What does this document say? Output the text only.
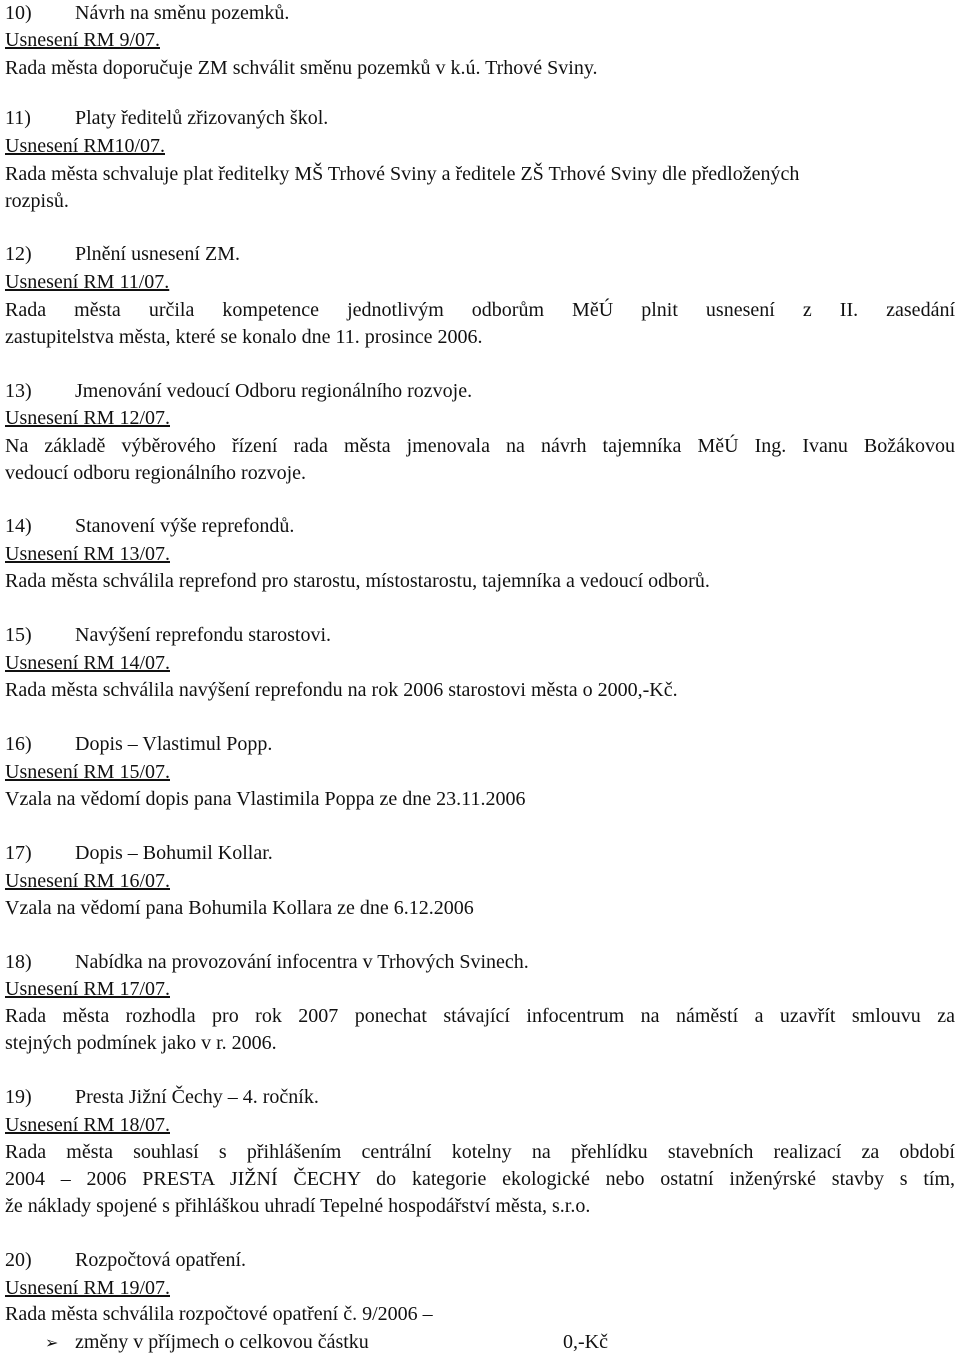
10) Návrh na směnu pozemků.
Usnesení RM 9/07.
Rada města doporučuje ZM schválit směnu pozemků v k.ú. Trhové Sviny.
11) Platy ředitelů zřizovaných škol.
Usnesení RM10/07.
Rada města schvaluje plat ředitelky MŠ Trhové Sviny a ředitele ZŠ Trhové Sviny dle předložených
rozpisů.
12) Plnění usnesení ZM.
Usnesení RM 11/07.
Rada města určila kompetence jednotlivým odborům MěÚ plnit usnesení z II. zasedání
zastupitelstva města, které se konalo dne 11. prosince 2006.
13) Jmenování vedoucí Odboru regionálního rozvoje.
Usnesení RM 12/07.
Na základě výběrového řízení rada města jmenovala na návrh tajemníka MěÚ Ing. Ivanu Božákovou
vedoucí odboru regionálního rozvoje.
14) Stanovení výše reprefondů.
Usnesení RM 13/07.
Rada města schválila reprefond pro starostu, místostarostu, tajemníka a vedoucí odborů.
15) Navýšení reprefondu starostovi.
Usnesení RM 14/07.
Rada města schválila navýšení reprefondu na rok 2006 starostovi města o 2000,-Kč.
16) Dopis – Vlastimul Popp.
Usnesení RM 15/07.
Vzala na vědomí dopis pana Vlastimila Poppa ze dne 23.11.2006
17) Dopis – Bohumil Kollar.
Usnesení RM 16/07.
Vzala na vědomí pana Bohumila Kollara ze dne 6.12.2006
18) Nabídka na provozování infocentra v Trhových Svinech.
Usnesení RM 17/07.
Rada města rozhodla pro rok 2007 ponechat stávající infocentrum na náměstí a uzavřít smlouvu za
stejných podmínek jako v r. 2006.
19) Presta Jižní Čechy – 4. ročník.
Usnesení RM 18/07.
Rada města souhlasí s přihlášením centrální kotelny na přehlídku stavebních realizací za období
2004 – 2006 PRESTA JIŽNÍ ČECHY do kategorie ekologické nebo ostatní inženýrské stavby s tím,
že náklady spojené s přihláškou uhradí Tepelné hospodářství města, s.r.o.
20) Rozpočtová opatření.
Usnesení RM 19/07.
Rada města schválila rozpočtové opatření č. 9/2006 –
➢ změny v příjmech o celkovou částku	0,-Kč
